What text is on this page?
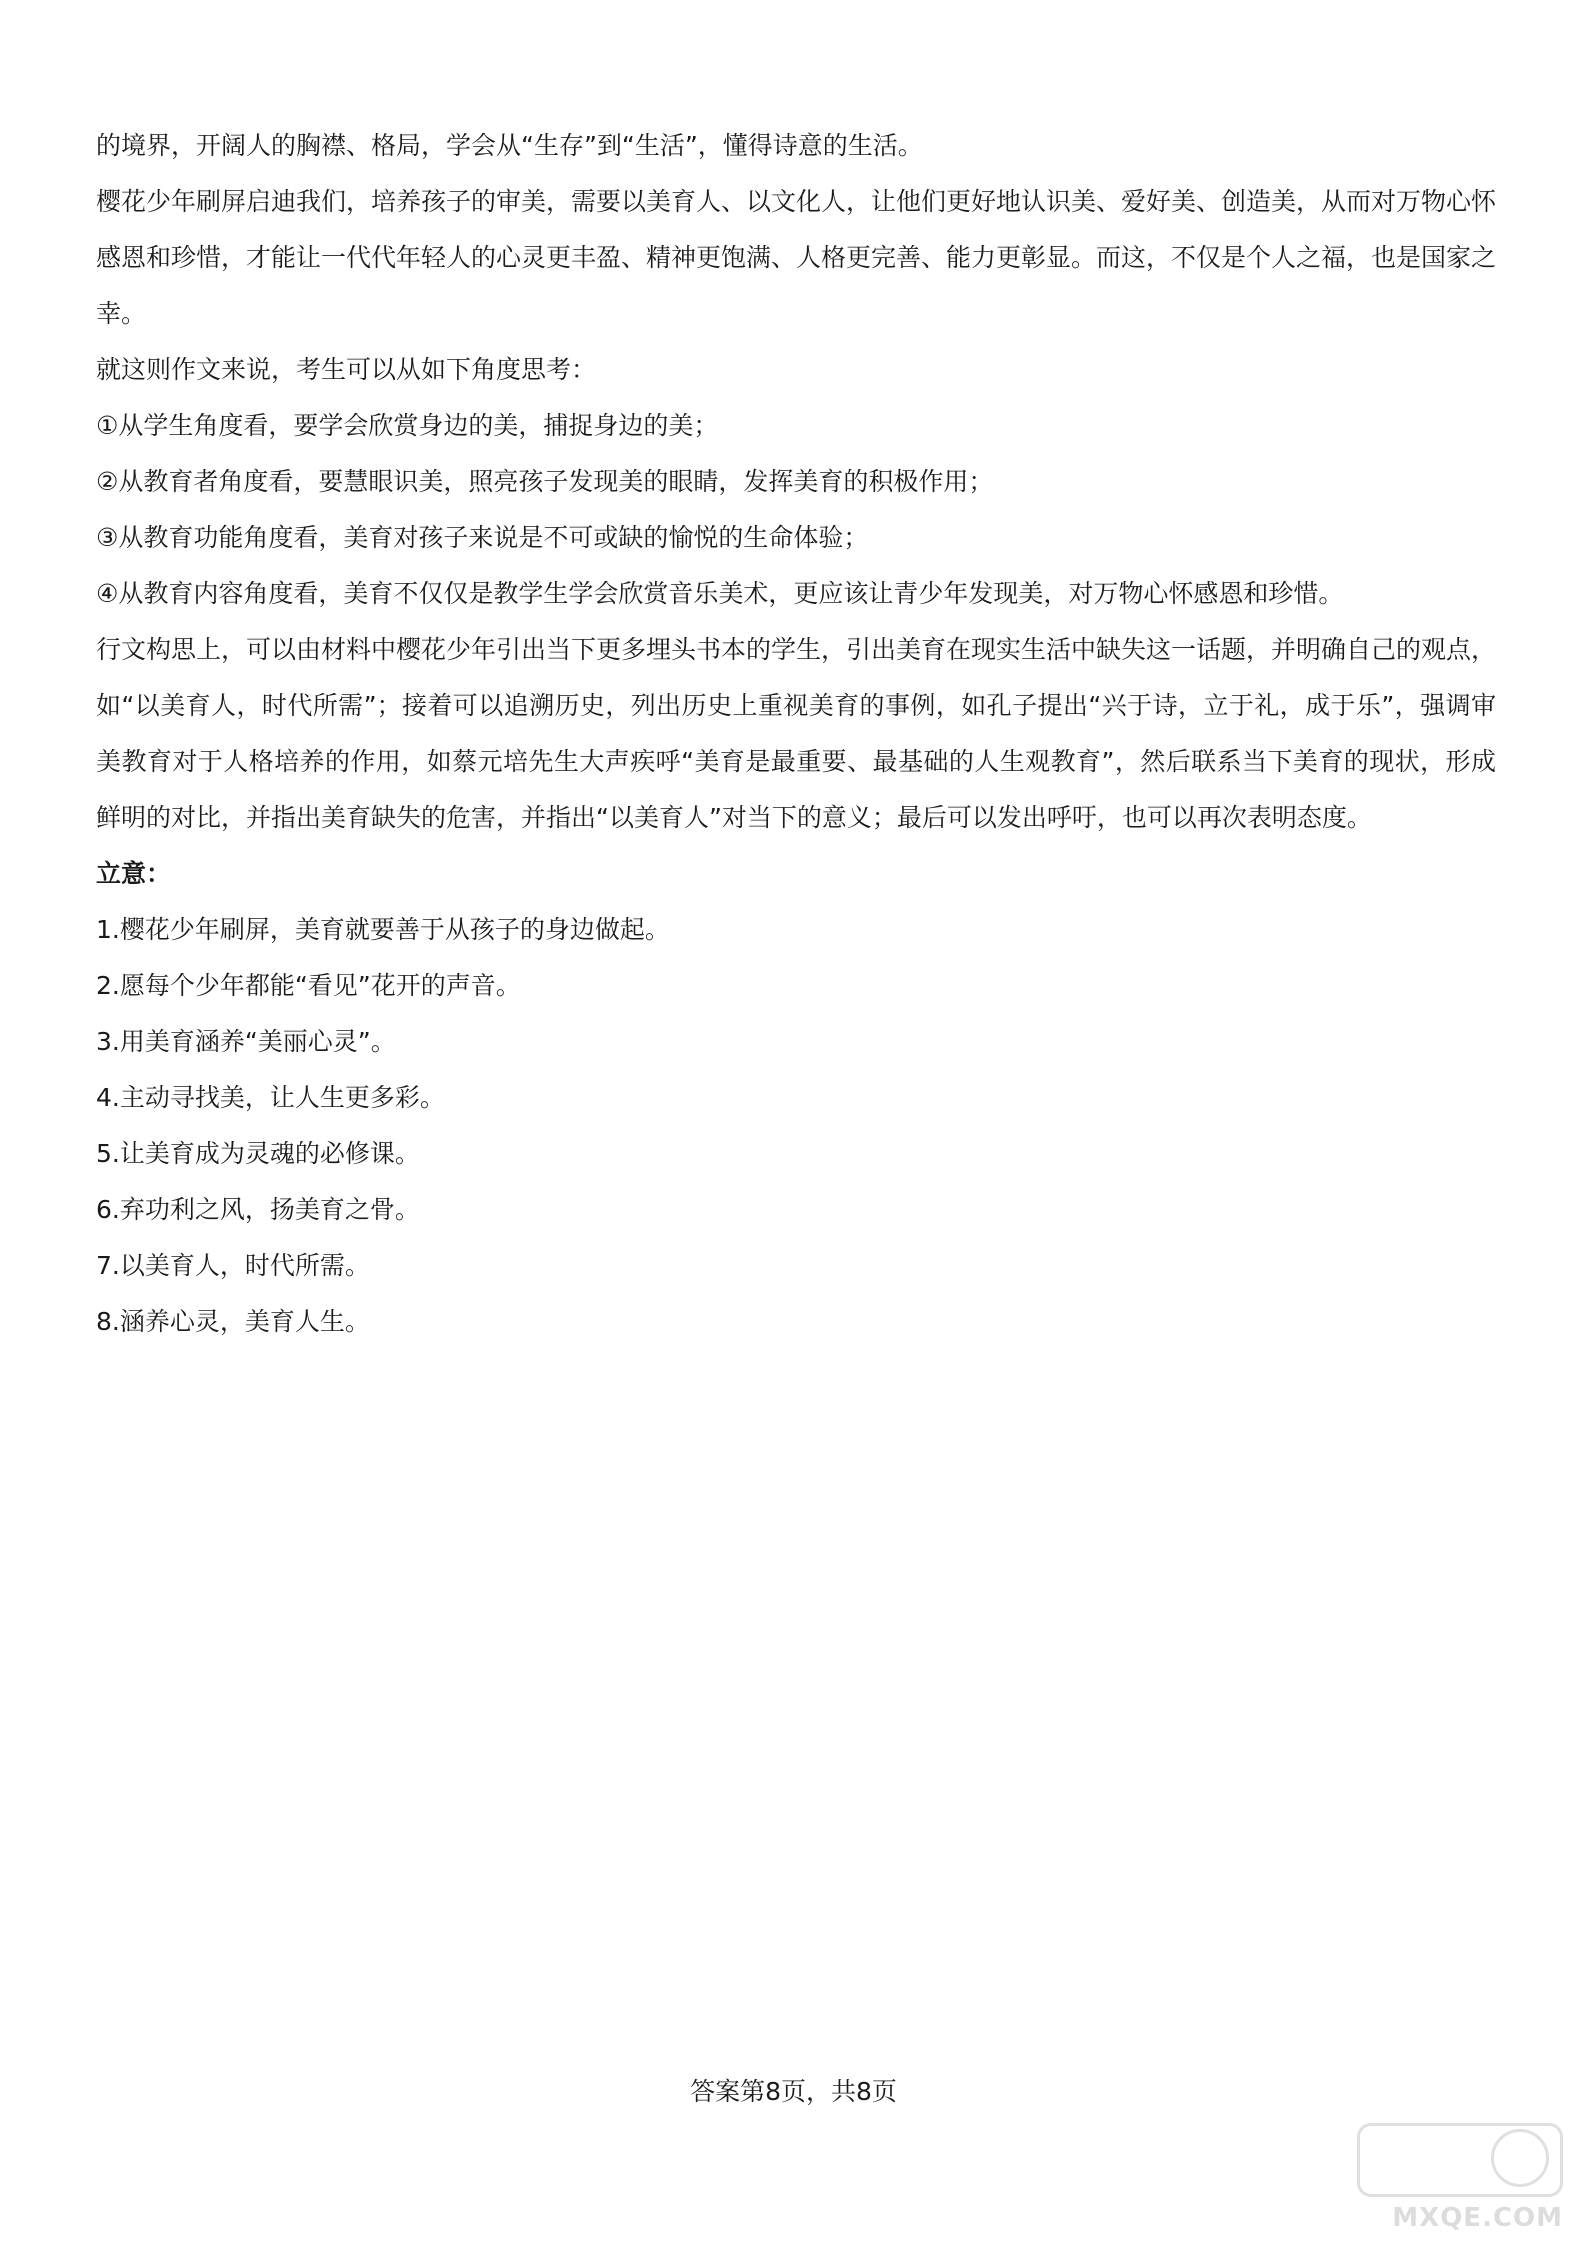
的境界，开阔人的胸襟、格局，学会从“生存”到“生活”，懂得诗意的生活。

樱花少年刷屏启迪我们，培养孩子的审美，需要以美育人、以文化人，让他们更好地认识美、爱好美、创造美，从而对万物心怀感恩和珍惜，才能让一代代年轻人的心灵更丰盈、精神更饱满、人格更完善、能力更彰显。而这，不仅是个人之福，也是国家之幸。

就这则作文来说，考生可以从如下角度思考：

①从学生角度看，要学会欣赏身边的美，捕捉身边的美；

②从教育者角度看，要慧眼识美，照亮孩子发现美的眼睛，发挥美育的积极作用；

③从教育功能角度看，美育对孩子来说是不可或缺的愉悦的生命体验；

④从教育内容角度看，美育不仅仅是教学生学会欣赏音乐美术，更应该让青少年发现美，对万物心怀感恩和珍惜。

行文构思上，可以由材料中樱花少年引出当下更多埋头书本的学生，引出美育在现实生活中缺失这一话题，并明确自己的观点，如“以美育人，时代所需”；接着可以追溯历史，列出历史上重视美育的事例，如孔子提出“兴于诗，立于礼，成于乐”，强调审美教育对于人格培养的作用，如蔡元培先生大声疾呼“美育是最重要、最基础的人生观教育”，然后联系当下美育的现状，形成鲜明的对比，并指出美育缺失的危害，并指出“以美育人”对当下的意义；最后可以发出呼吁，也可以再次表明态度。

立意：

1.樱花少年刷屏，美育就要善于从孩子的身边做起。

2.愿每个少年都能“看见”花开的声音。

3.用美育涵养“美丽心灵”。

4.主动寻找美，让人生更多彩。

5.让美育成为灵魂的必修课。

6.弃功利之风，扬美育之骨。

7.以美育人，时代所需。

8.涵养心灵，美育人生。

答案第8页，共8页
MXQE.COM
